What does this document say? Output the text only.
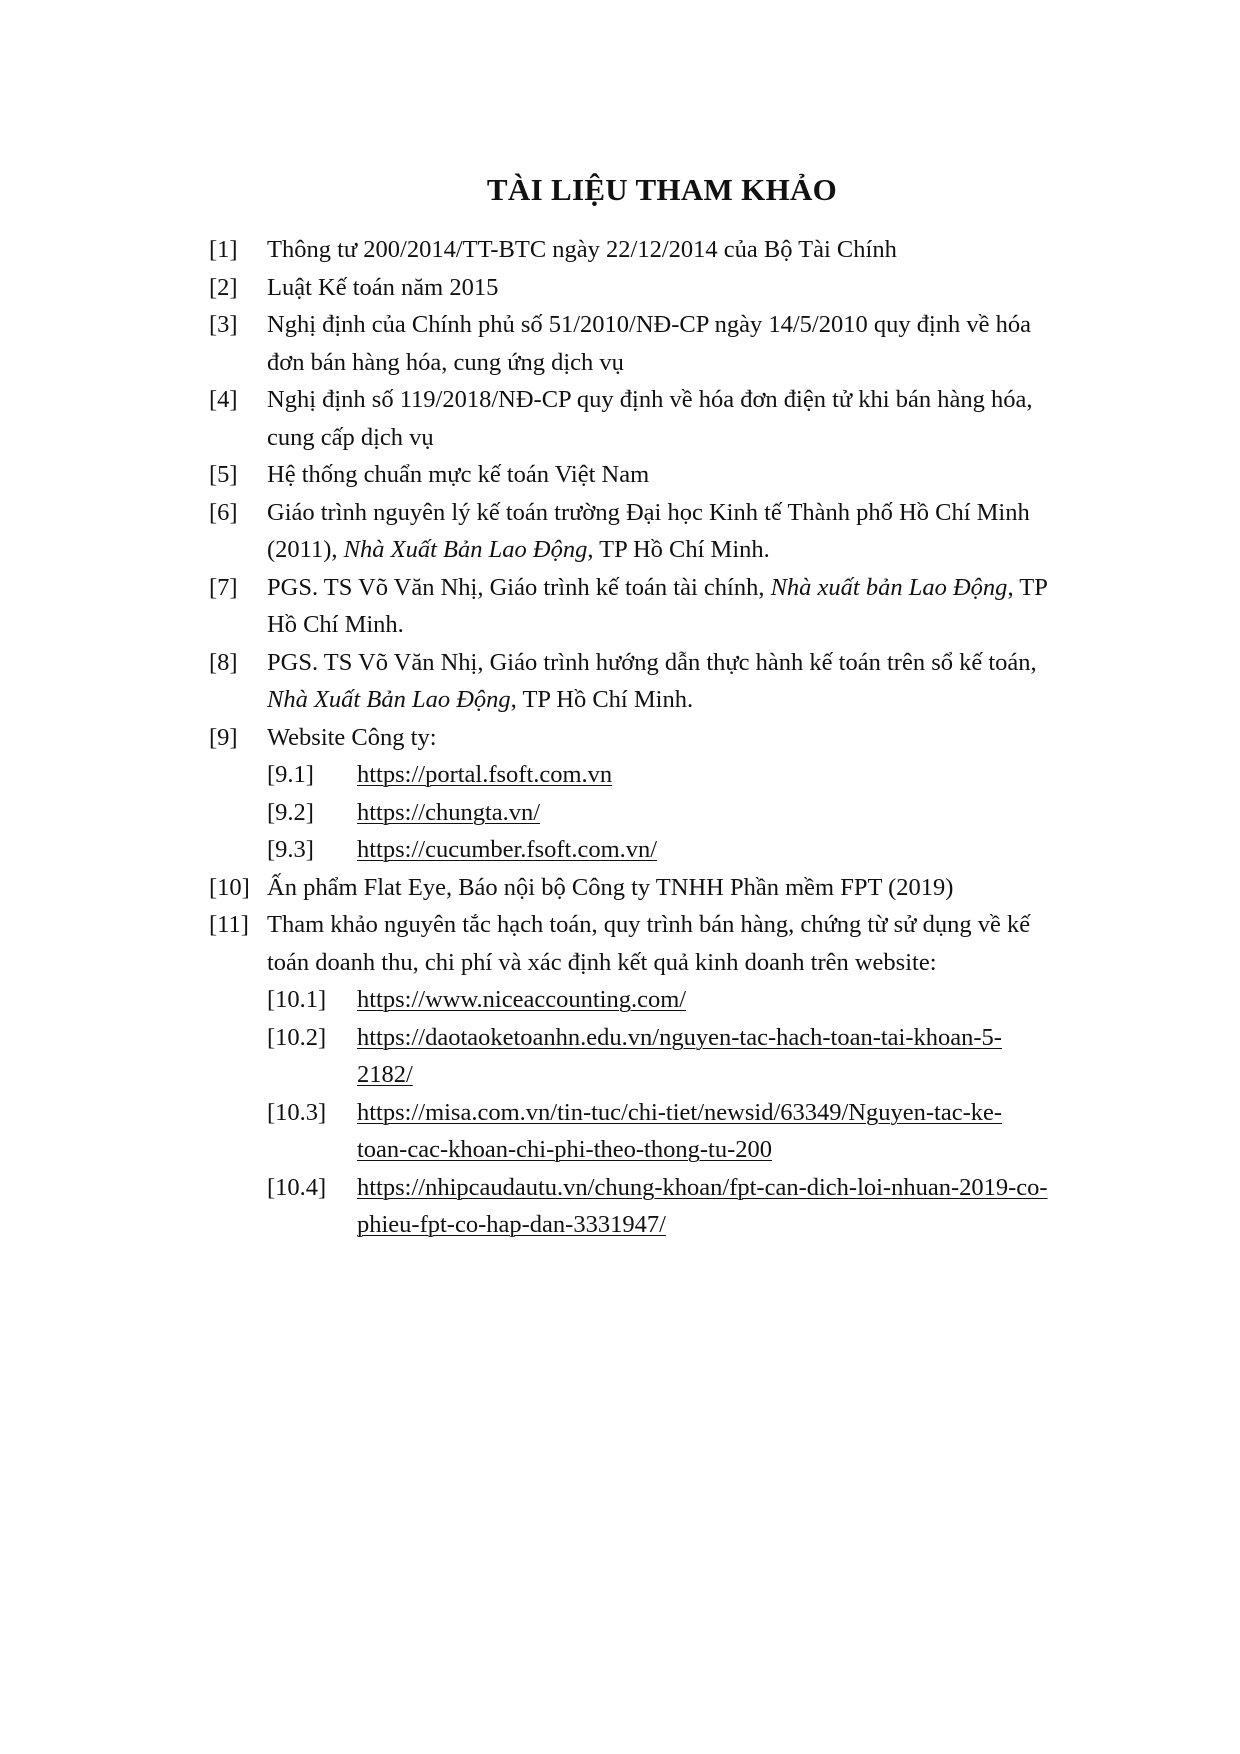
TÀI LIỆU THAM KHẢO
[1]	Thông tư 200/2014/TT-BTC ngày 22/12/2014 của Bộ Tài Chính
[2]	Luật Kế toán năm 2015
[3]	Nghị định của Chính phủ số 51/2010/NĐ-CP ngày 14/5/2010 quy định về hóa
đơn bán hàng hóa, cung ứng dịch vụ
[4]	Nghị định số 119/2018/NĐ-CP quy định về hóa đơn điện tử khi bán hàng hóa,
cung cấp dịch vụ
[5]	Hệ thống chuẩn mực kế toán Việt Nam
[6]	Giáo trình nguyên lý kế toán trường Đại học Kinh tế Thành phố Hồ Chí Minh
(2011), Nhà Xuất Bản Lao Động, TP Hồ Chí Minh.
[7]	PGS. TS Võ Văn Nhị, Giáo trình kế toán tài chính, Nhà xuất bản Lao Động, TP
Hồ Chí Minh.
[8]	PGS. TS Võ Văn Nhị, Giáo trình hướng dẫn thực hành kế toán trên sổ kế toán,
Nhà Xuất Bản Lao Động, TP Hồ Chí Minh.
[9]	Website Công ty:
[9.1]	https://portal.fsoft.com.vn
[9.2]	https://chungta.vn/
[9.3]	https://cucumber.fsoft.com.vn/
[10] Ấn phẩm Flat Eye, Báo nội bộ Công ty TNHH Phần mềm FPT (2019)
[11] Tham khảo nguyên tắc hạch toán, quy trình bán hàng, chứng từ sử dụng về kế
toán doanh thu, chi phí và xác định kết quả kinh doanh trên website:
[10.1]	https://www.niceaccounting.com/
[10.2]	https://daotaoketoanhn.edu.vn/nguyen-tac-hach-toan-tai-khoan-5-
2182/
[10.3]	https://misa.com.vn/tin-tuc/chi-tiet/newsid/63349/Nguyen-tac-ke-
toan-cac-khoan-chi-phi-theo-thong-tu-200
[10.4]	https://nhipcaudautu.vn/chung-khoan/fpt-can-dich-loi-nhuan-2019-co-
phieu-fpt-co-hap-dan-3331947/
